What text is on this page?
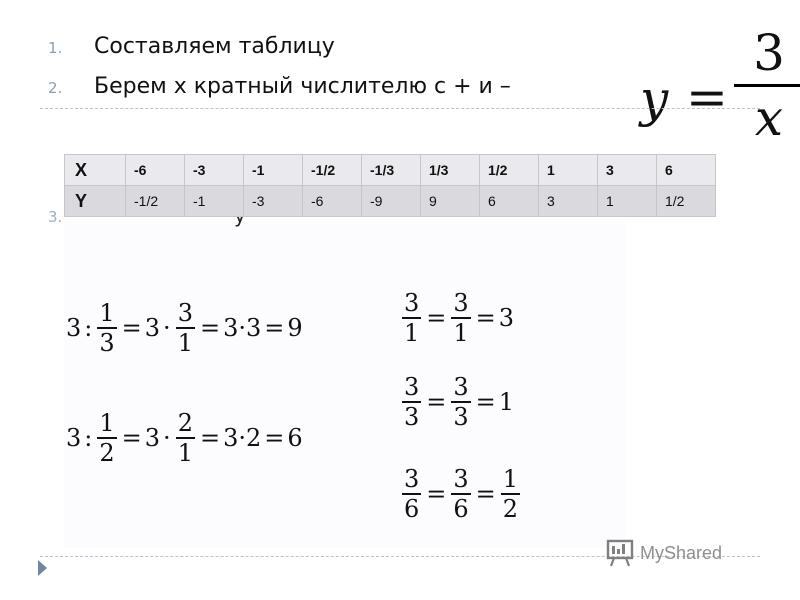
1.	Составляем таблицу
2.	Берем х кратный числителю с + и –
3.
y =
3
x
X	-6	-3	-1	-1/2	-1/3	1/3	1/2	1	3	6
Y	-1/2	-1	-3	-6	-9	9	6	3	1	1/2
3 :
1
3
= 3 ·
3
1
= 3·3 = 9
3 :
1
2
= 3 ·
2
1
= 3·2 = 6
3
1
=
3
1
= 3
3
3
=
3
3
= 1
3
6
=
3
6
=
1
2
MyShared
